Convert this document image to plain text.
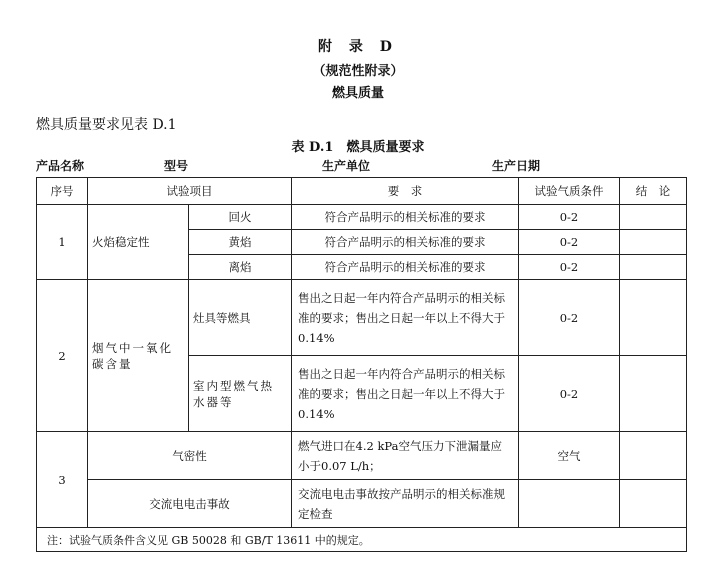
附 录 D
（规范性附录）
燃具质量
燃具质量要求见表 D.1
表 D.1　燃具质量要求
产品名称	型号	生产单位	生产日期
序号	试验项目		要　求	试验气质条件	结　论
1	火焰稳定性	回火	符合产品明示的相关标准的要求	0-2	
		黄焰	符合产品明示的相关标准的要求	0-2	
		离焰	符合产品明示的相关标准的要求	0-2	
2	烟气中一氧化碳含量	灶具等燃具	售出之日起一年内符合产品明示的相关标准的要求；售出之日起一年以上不得大于0.14%	0-2	
		室内型燃气热水器等	售出之日起一年内符合产品明示的相关标准的要求；售出之日起一年以上不得大于0.14%	0-2	
3	气密性		燃气进口在4.2 kPa空气压力下泄漏量应小于0.07 L/h；	空气	
	交流电电击事故		交流电电击事故按产品明示的相关标准规定检查		
注：试验气质条件含义见 GB 50028 和 GB/T 13611 中的规定。					
